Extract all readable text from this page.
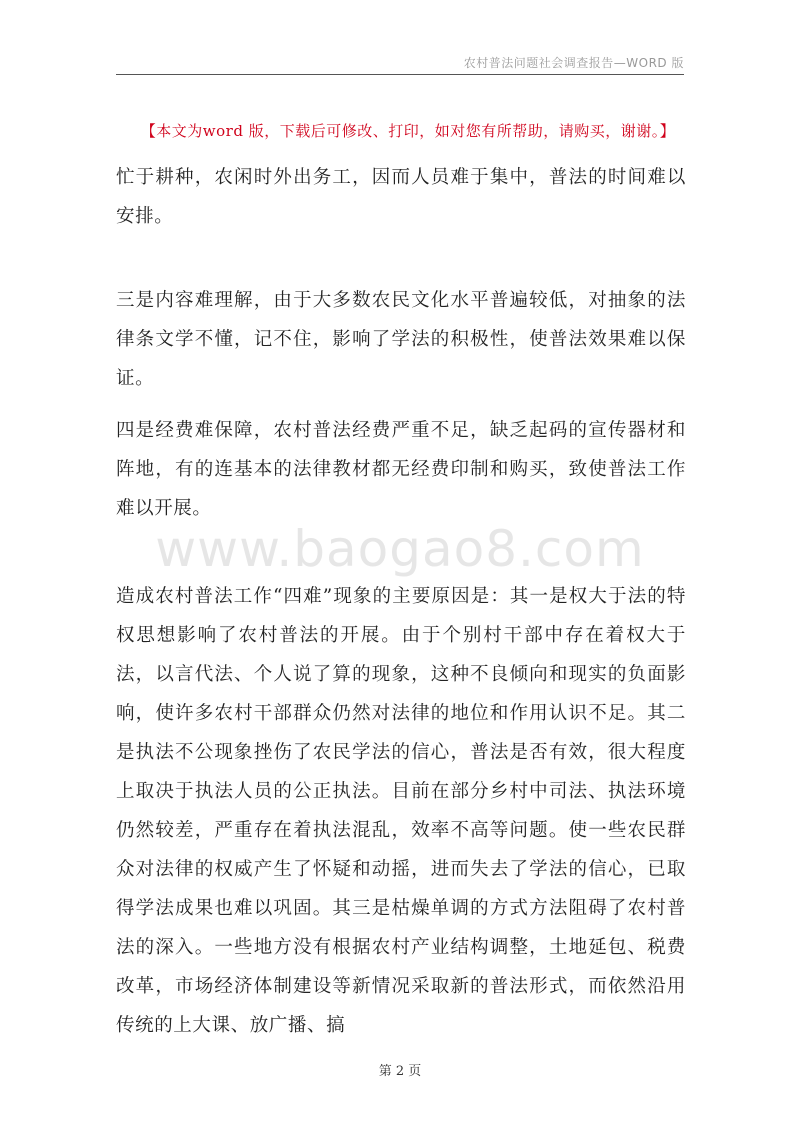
农村普法问题社会调查报告—WORD 版
【本文为word 版，下载后可修改、打印，如对您有所帮助，请购买，谢谢。】
忙于耕种，农闲时外出务工，因而人员难于集中，普法的时间难以安排。
三是内容难理解，由于大多数农民文化水平普遍较低，对抽象的法律条文学不懂，记不住，影响了学法的积极性，使普法效果难以保证。
四是经费难保障，农村普法经费严重不足，缺乏起码的宣传器材和阵地，有的连基本的法律教材都无经费印制和购买，致使普法工作难以开展。
www.baogao8.com
造成农村普法工作“四难”现象的主要原因是：其一是权大于法的特权思想影响了农村普法的开展。由于个别村干部中存在着权大于法，以言代法、个人说了算的现象，这种不良倾向和现实的负面影响，使许多农村干部群众仍然对法律的地位和作用认识不足。其二是执法不公现象挫伤了农民学法的信心，普法是否有效，很大程度上取决于执法人员的公正执法。目前在部分乡村中司法、执法环境仍然较差，严重存在着执法混乱，效率不高等问题。使一些农民群众对法律的权威产生了怀疑和动摇，进而失去了学法的信心，已取得学法成果也难以巩固。其三是枯燥单调的方式方法阻碍了农村普法的深入。一些地方没有根据农村产业结构调整，土地延包、税费改革，市场经济体制建设等新情况采取新的普法形式，而依然沿用传统的上大课、放广播、搞
第 2 页
